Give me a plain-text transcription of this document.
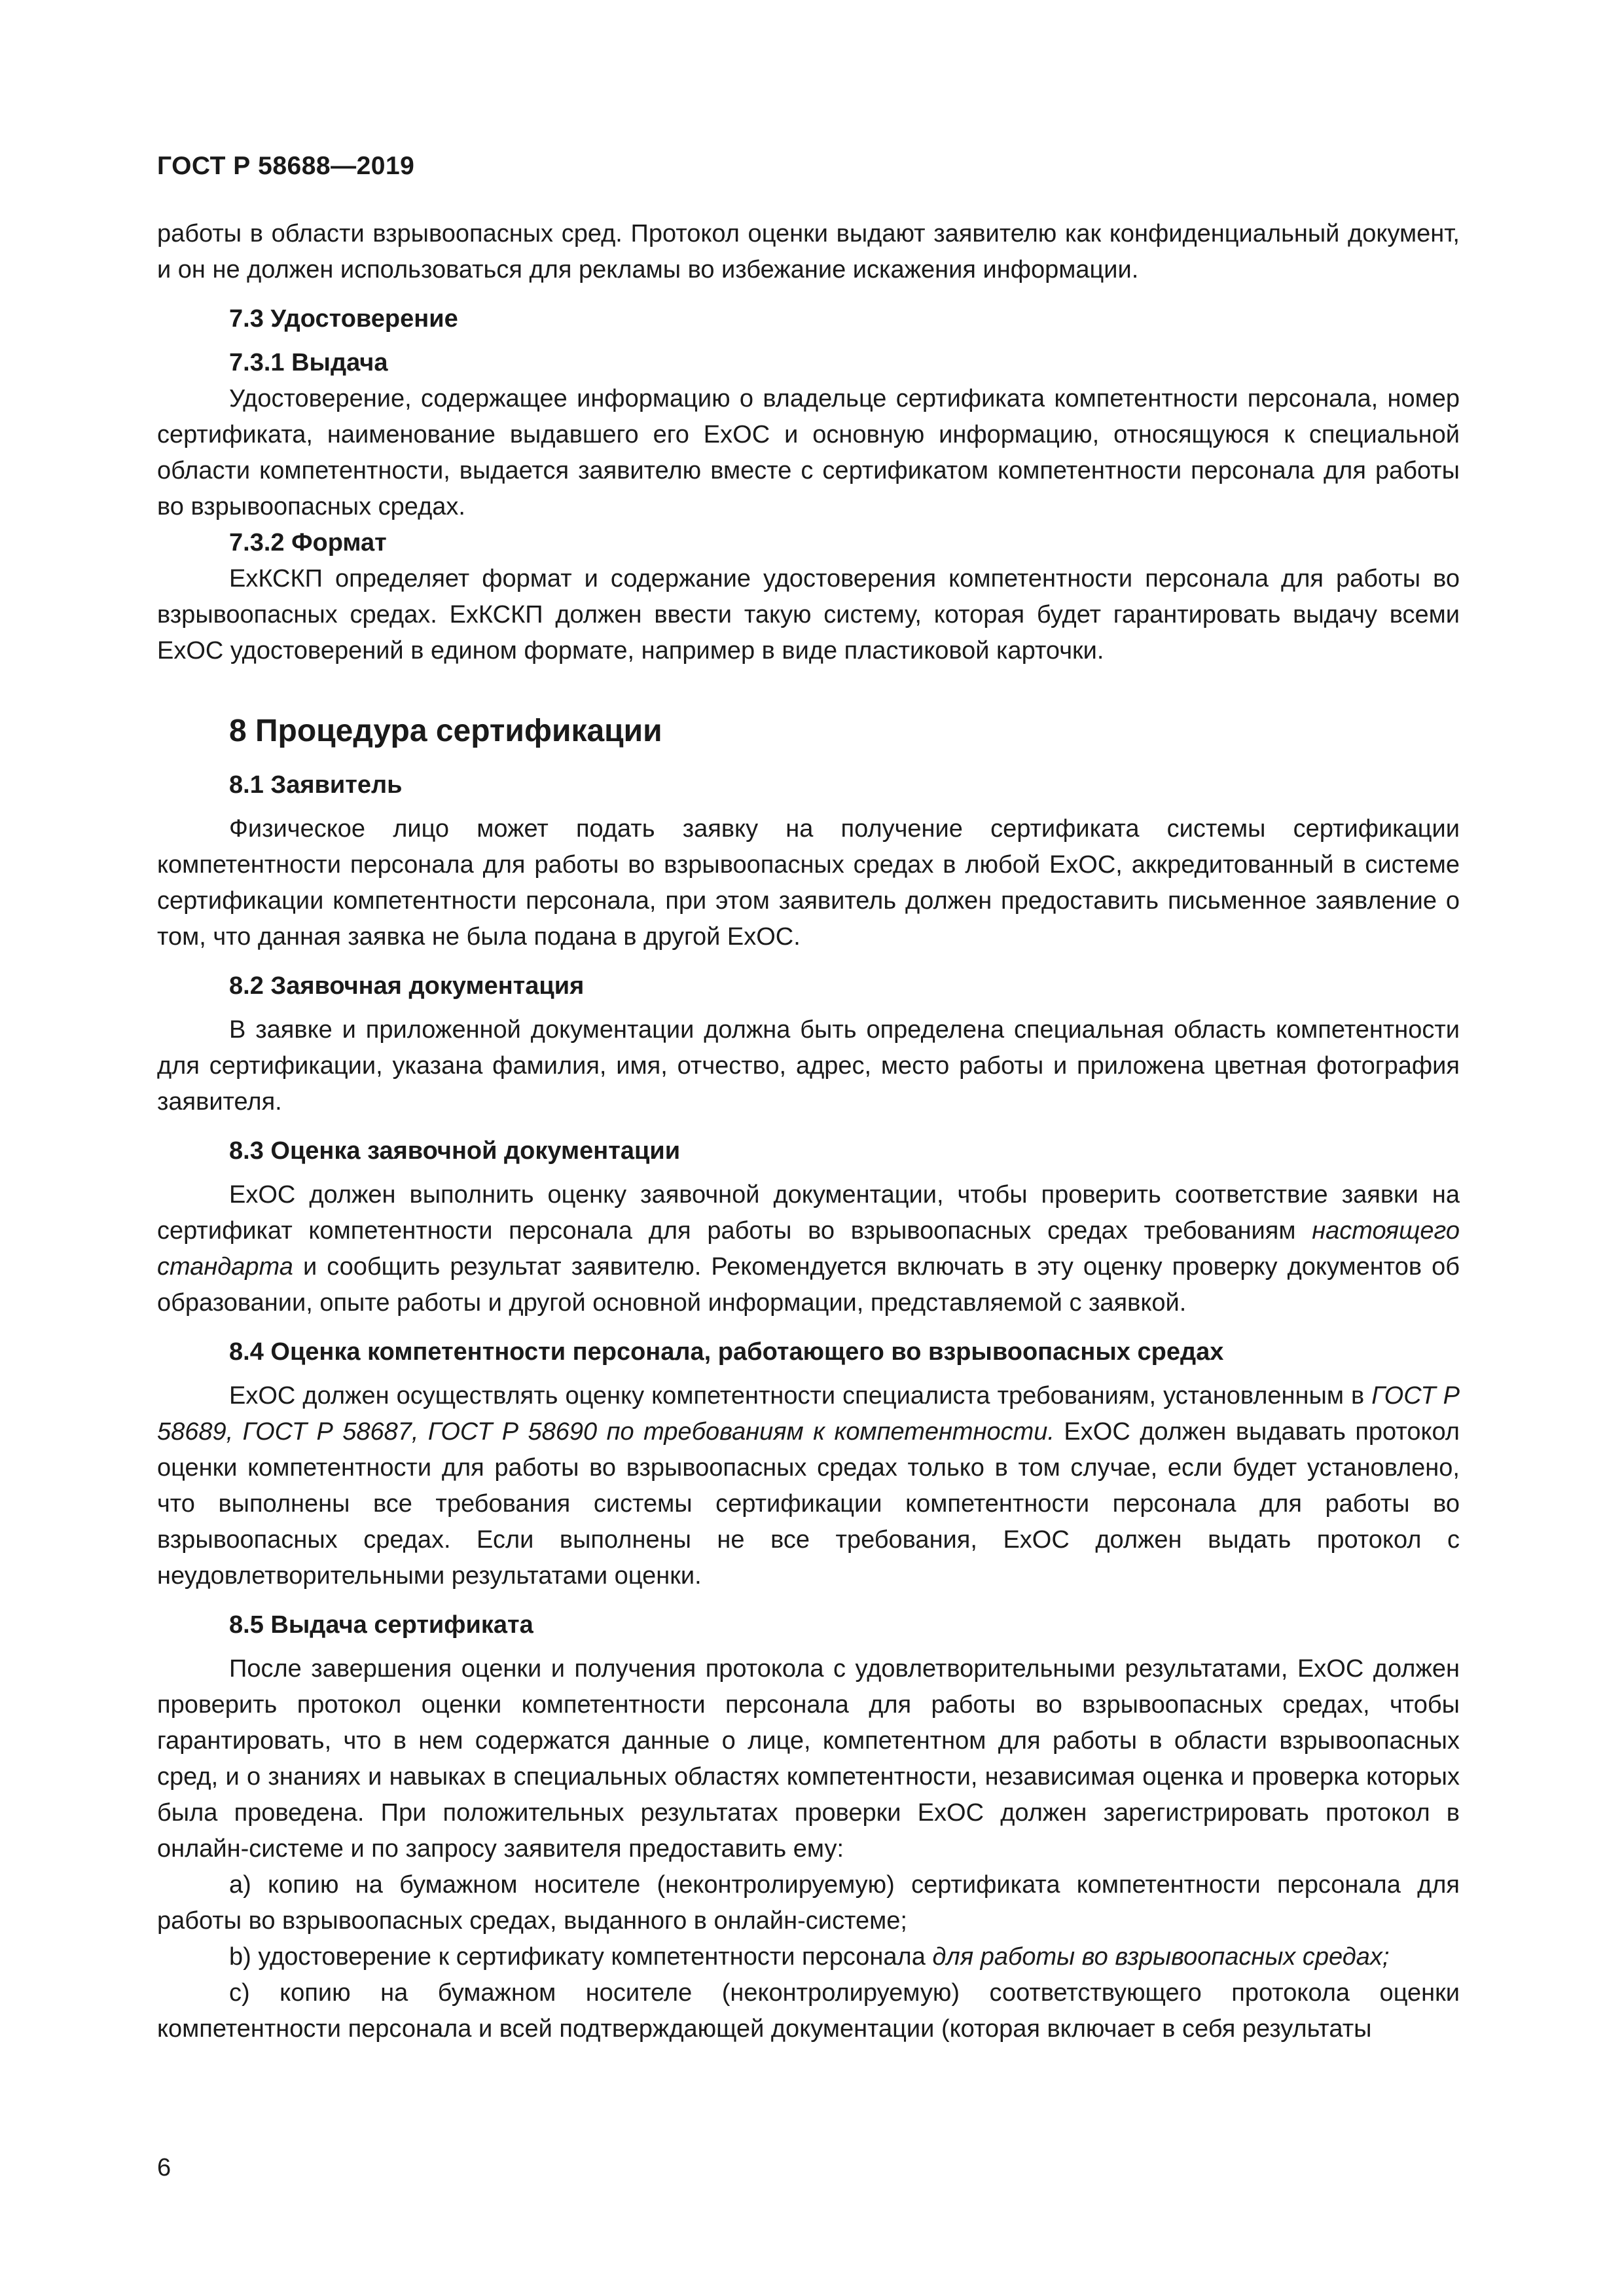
ГОСТ Р 58688—2019

работы в области взрывоопасных сред. Протокол оценки выдают заявителю как конфиденциальный документ, и он не должен использоваться для рекламы во избежание искажения информации.

7.3 Удостоверение
7.3.1 Выдача

Удостоверение, содержащее информацию о владельце сертификата компетентности персонала, номер сертификата, наименование выдавшего его ExOC и основную информацию, относящуюся к специальной области компетентности, выдается заявителю вместе с сертификатом компетентности персонала для работы во взрывоопасных средах.

7.3.2 Формат

ExКСКП определяет формат и содержание удостоверения компетентности персонала для работы во взрывоопасных средах. ExКСКП должен ввести такую систему, которая будет гарантировать выдачу всеми ExOC удостоверений в едином формате, например в виде пластиковой карточки.

8 Процедура сертификации
8.1 Заявитель

Физическое лицо может подать заявку на получение сертификата системы сертификации компетентности персонала для работы во взрывоопасных средах в любой ExOC, аккредитованный в системе сертификации компетентности персонала, при этом заявитель должен предоставить письменное заявление о том, что данная заявка не была подана в другой ExOC.

8.2 Заявочная документация

В заявке и приложенной документации должна быть определена специальная область компетентности для сертификации, указана фамилия, имя, отчество, адрес, место работы и приложена цветная фотография заявителя.

8.3 Оценка заявочной документации

ExOC должен выполнить оценку заявочной документации, чтобы проверить соответствие заявки на сертификат компетентности персонала для работы во взрывоопасных средах требованиям настоящего стандарта и сообщить результат заявителю. Рекомендуется включать в эту оценку проверку документов об образовании, опыте работы и другой основной информации, представляемой с заявкой.

8.4 Оценка компетентности персонала, работающего во взрывоопасных средах

ExOC должен осуществлять оценку компетентности специалиста требованиям, установленным в ГОСТ Р 58689, ГОСТ Р 58687, ГОСТ Р 58690 по требованиям к компетентности. ExOC должен выдавать протокол оценки компетентности для работы во взрывоопасных средах только в том случае, если будет установлено, что выполнены все требования системы сертификации компетентности персонала для работы во взрывоопасных средах. Если выполнены не все требования, ExOC должен выдать протокол с неудовлетворительными результатами оценки.

8.5 Выдача сертификата

После завершения оценки и получения протокола с удовлетворительными результатами, ExOC должен проверить протокол оценки компетентности персонала для работы во взрывоопасных средах, чтобы гарантировать, что в нем содержатся данные о лице, компетентном для работы в области взрывоопасных сред, и о знаниях и навыках в специальных областях компетентности, независимая оценка и проверка которых была проведена. При положительных результатах проверки ExOC должен зарегистрировать протокол в онлайн-системе и по запросу заявителя предоставить ему:

а) копию на бумажном носителе (неконтролируемую) сертификата компетентности персонала для работы во взрывоопасных средах, выданного в онлайн-системе;

b) удостоверение к сертификату компетентности персонала для работы во взрывоопасных средах;

с) копию на бумажном носителе (неконтролируемую) соответствующего протокола оценки компетентности персонала и всей подтверждающей документации (которая включает в себя результаты

6
